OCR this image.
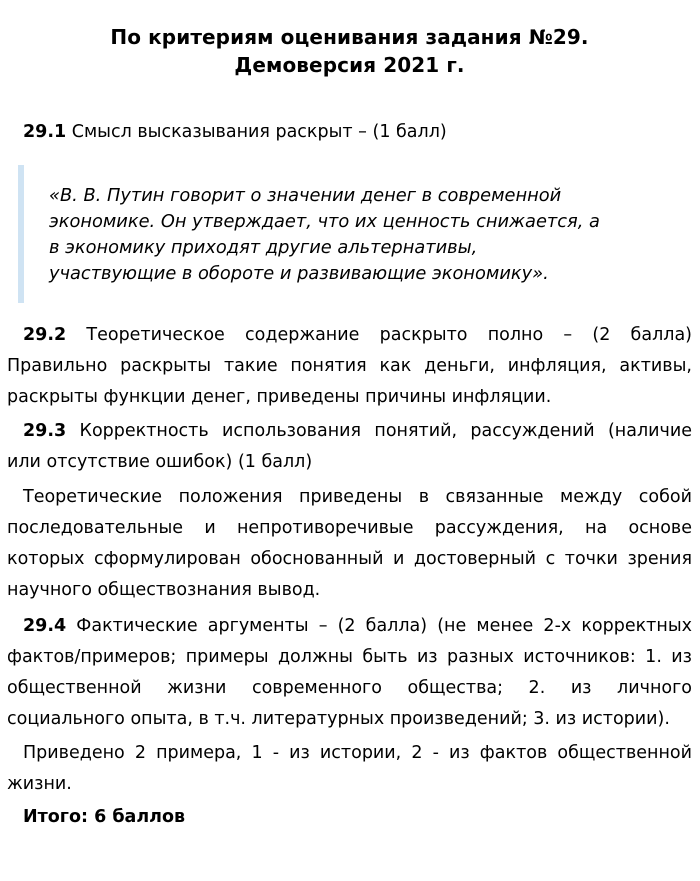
По критериям оценивания задания №29.
Демоверсия 2021 г.

29.1 Смысл высказывания раскрыт – (1 балл)

«В. В. Путин говорит о значении денег в современной
экономике. Он утверждает, что их ценность снижается, а
в экономику приходят другие альтернативы,
участвующие в обороте и развивающие экономику».

29.2 Теоретическое содержание раскрыто полно – (2 балла) Правильно раскрыты такие понятия как деньги, инфляция, активы, раскрыты функции денег, приведены причины инфляции.

29.3 Корректность использования понятий, рассуждений (наличие или отсутствие ошибок) (1 балл)

Теоретические положения приведены в связанные между собой последовательные и непротиворечивые рассуждения, на основе которых сформулирован обоснованный и достоверный с точки зрения научного обществознания вывод.

29.4 Фактические аргументы – (2 балла) (не менее 2-х корректных фактов/примеров; примеры должны быть из разных источников: 1. из общественной жизни современного общества; 2. из личного социального опыта, в т.ч. литературных произведений; 3. из истории).

Приведено 2 примера, 1 - из истории, 2 - из фактов общественной жизни.

Итого: 6 баллов
